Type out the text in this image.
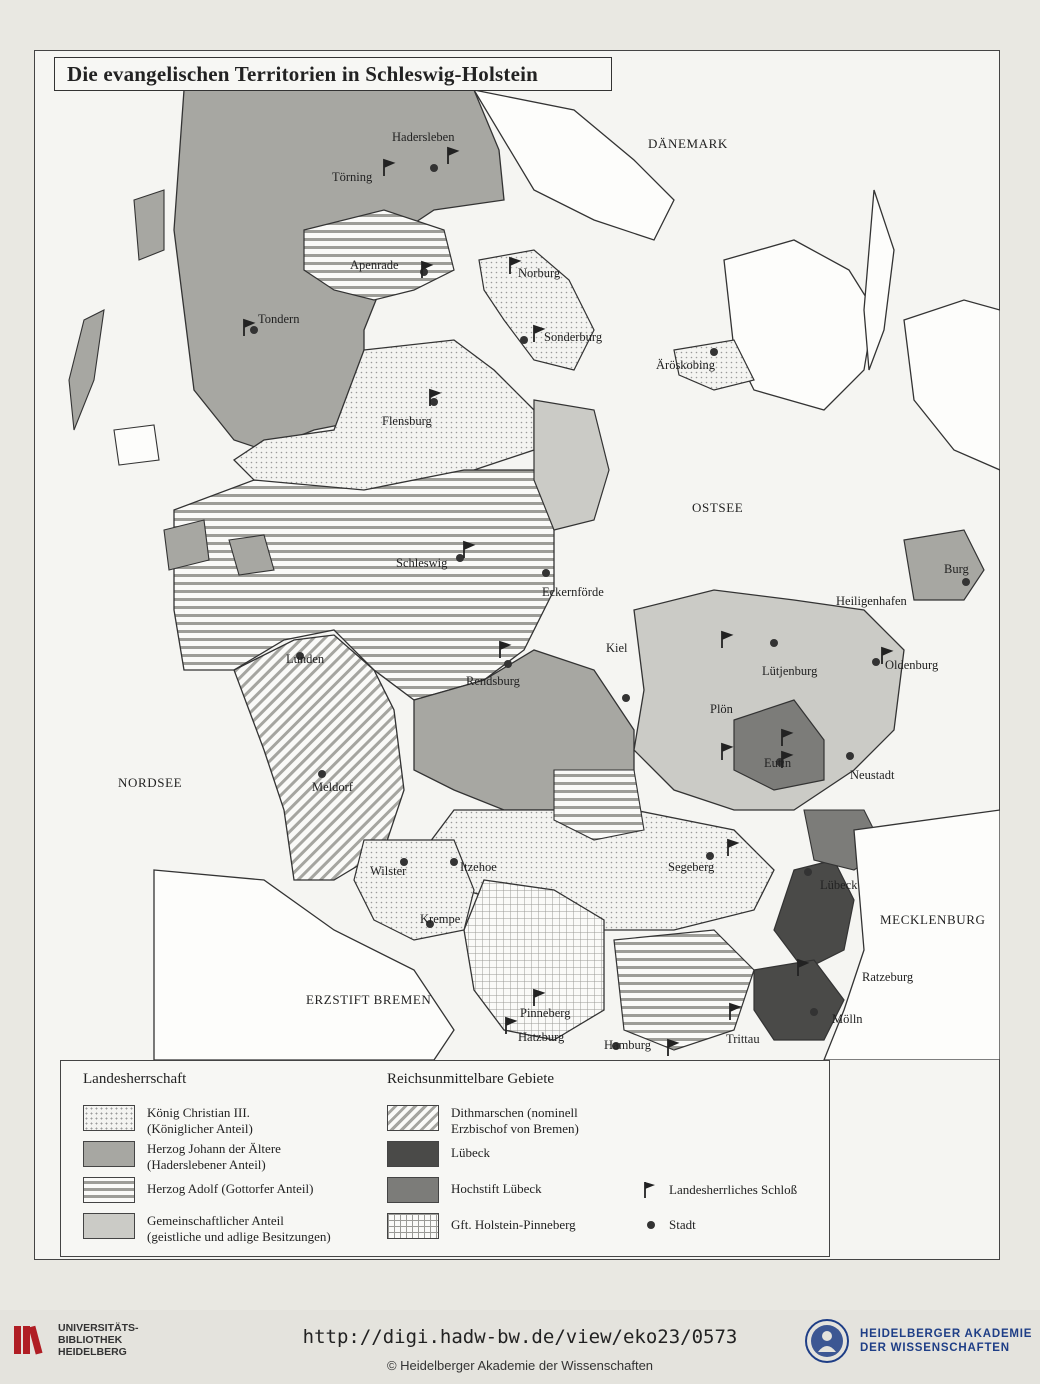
Die evangelischen Territorien in Schleswig-Holstein
DÄNEMARK
OSTSEE
NORDSEE
MECKLENBURG
ERZSTIFT BREMEN
Hadersleben
Törning
Apenrade
Norburg
Tondern
Sonderburg
Äröskobing
Flensburg
Schleswig
Eckernförde
Burg
Heiligenhafen
Kiel
Lunden	Oldenburg
Lütjenburg
Rendsburg
Plön
Eutin
Neustadt
Meldorf
Wilster	Itzehoe	Segeberg
Lübeck
Krempe
Ratzeburg
Pinneberg	Mölln
Hatzburg	Trittau
Hamburg
Landesherrschaft	Reichsunmittelbare Gebiete
König Christian III.
(Königlicher Anteil)
Herzog Johann der Ältere
(Haderslebener Anteil)
Herzog Adolf (Gottorfer Anteil)
Gemeinschaftlicher Anteil
(geistliche und adlige Besitzungen)
Dithmarschen (nominell
Erzbischof von Bremen)
Lübeck
Hochstift Lübeck
Gft. Holstein-Pinneberg
Landesherrliches Schloß
Stadt
UNIVERSITÄTS-
BIBLIOTHEK
HEIDELBERG
http://digi.hadw-bw.de/view/eko23/0573
© Heidelberger Akademie der Wissenschaften
HEIDELBERGER AKADEMIE
DER WISSENSCHAFTEN
